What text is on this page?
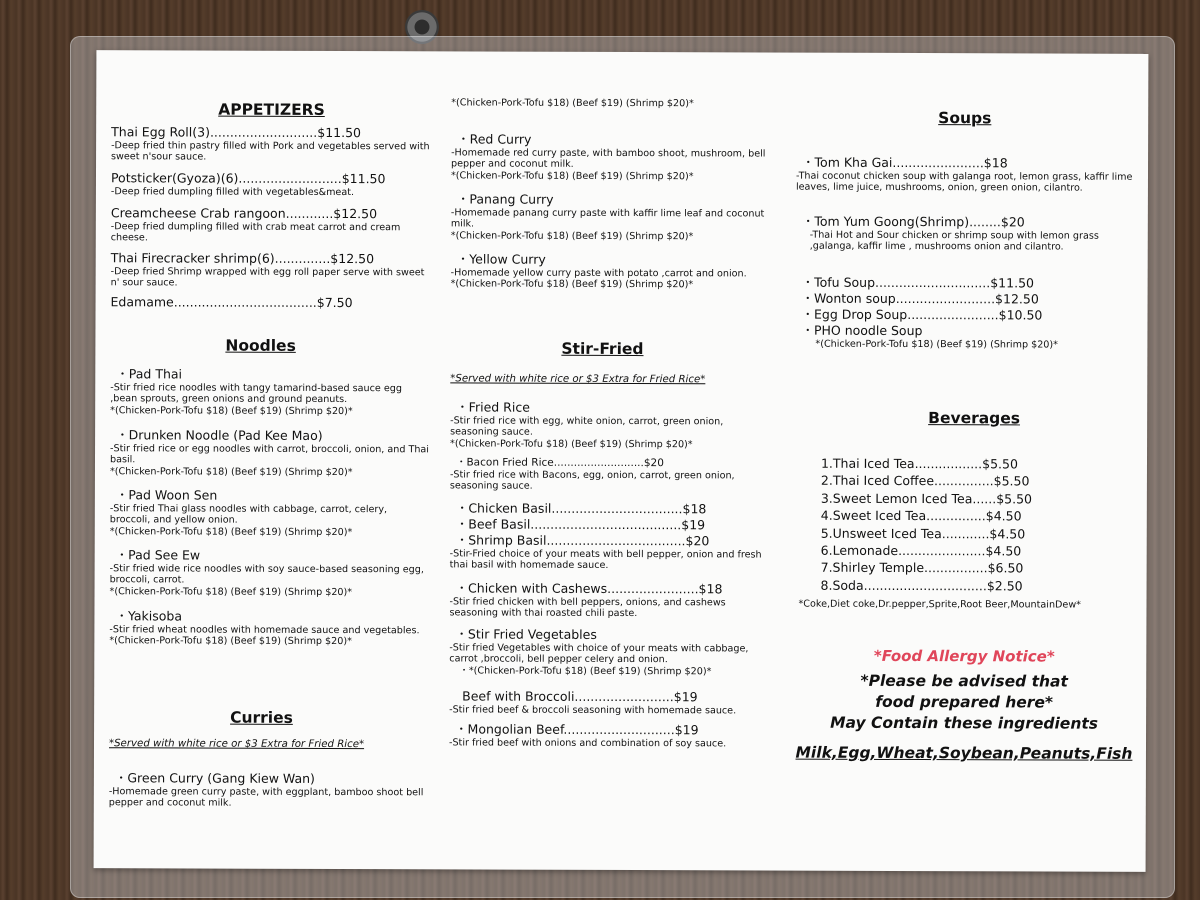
APPETIZERS
Thai Egg Roll(3)...........................$11.50
-Deep fried thin pastry filled with Pork and vegetables served with sweet n'sour sauce.
Potsticker(Gyoza)(6)..........................$11.50
-Deep fried dumpling filled with vegetables&meat.
Creamcheese Crab rangoon............$12.50
-Deep fried dumpling filled with crab meat carrot and cream cheese.
Thai Firecracker shrimp(6)..............$12.50
-Deep fried Shrimp wrapped with egg roll paper serve with sweet n' sour sauce.
Edamame....................................$7.50
Noodles
・Pad Thai
-Stir fried rice noodles with tangy tamarind-based sauce egg ,bean sprouts, green onions and ground peanuts.
*(Chicken-Pork-Tofu $18) (Beef $19) (Shrimp $20)*
・Drunken Noodle (Pad Kee Mao)
-Stir fried rice or egg noodles with carrot, broccoli, onion, and Thai basil.
*(Chicken-Pork-Tofu $18) (Beef $19) (Shrimp $20)*
・Pad Woon Sen
-Stir fried Thai glass noodles with cabbage, carrot, celery, broccoli, and yellow onion.
*(Chicken-Pork-Tofu $18) (Beef $19) (Shrimp $20)*
・Pad See Ew
-Stir fried wide rice noodles with soy sauce-based seasoning egg, broccoli, carrot.
*(Chicken-Pork-Tofu $18) (Beef $19) (Shrimp $20)*
・Yakisoba
-Stir fried wheat noodles with homemade sauce and vegetables.
*(Chicken-Pork-Tofu $18) (Beef $19) (Shrimp $20)*
Curries
*Served with white rice or $3 Extra for Fried Rice*
・Green Curry (Gang Kiew Wan)
-Homemade green curry paste, with eggplant, bamboo shoot bell pepper and coconut milk.
*(Chicken-Pork-Tofu $18) (Beef $19) (Shrimp $20)*
・Red Curry
-Homemade red curry paste, with bamboo shoot, mushroom, bell pepper and coconut milk.
*(Chicken-Pork-Tofu $18) (Beef $19) (Shrimp $20)*
・Panang Curry
-Homemade panang curry paste with kaffir lime leaf and coconut milk.
*(Chicken-Pork-Tofu $18) (Beef $19) (Shrimp $20)*
・Yellow Curry
-Homemade yellow curry paste with potato ,carrot and onion.
*(Chicken-Pork-Tofu $18) (Beef $19) (Shrimp $20)*
Stir-Fried
*Served with white rice or $3 Extra for Fried Rice*
・Fried Rice
-Stir fried rice with egg, white onion, carrot, green onion, seasoning sauce.
*(Chicken-Pork-Tofu $18) (Beef $19) (Shrimp $20)*
・Bacon Fried Rice...........................$20
-Stir fried rice with Bacons, egg, onion, carrot, green onion, seasoning sauce.
・Chicken Basil.................................$18
・Beef Basil......................................$19
・Shrimp Basil...................................$20
-Stir-Fried choice of your meats with bell pepper, onion and fresh thai basil with homemade sauce.
・Chicken with Cashews.......................$18
-Stir fried chicken with bell peppers, onions, and cashews seasoning with thai roasted chili paste.
・Stir Fried Vegetables
-Stir fried Vegetables with choice of your meats with cabbage, carrot ,broccoli, bell pepper celery and onion.
・*(Chicken-Pork-Tofu $18) (Beef $19) (Shrimp $20)*
Beef with Broccoli.........................$19
-Stir fried beef & broccoli seasoning with homemade sauce.
・Mongolian Beef............................$19
-Stir fried beef with onions and combination of soy sauce.
Soups
・Tom Kha Gai.......................$18
-Thai coconut chicken soup with galanga root, lemon grass, kaffir lime leaves, lime juice, mushrooms, onion, green onion, cilantro.
・Tom Yum Goong(Shrimp)........$20
-Thai Hot and Sour chicken or shrimp soup with lemon grass ,galanga, kaffir lime , mushrooms onion and cilantro.
・Tofu Soup.............................$11.50
・Wonton soup.........................$12.50
・Egg Drop Soup.......................$10.50
・PHO noodle Soup
*(Chicken-Pork-Tofu $18) (Beef $19) (Shrimp $20)*
Beverages
1.Thai Iced Tea.................$5.50
2.Thai Iced Coffee...............$5.50
3.Sweet Lemon Iced Tea......$5.50
4.Sweet Iced Tea...............$4.50
5.Unsweet Iced Tea............$4.50
6.Lemonade......................$4.50
7.Shirley Temple................$6.50
8.Soda...............................$2.50
*Coke,Diet coke,Dr.pepper,Sprite,Root Beer,MountainDew*
*Food Allergy Notice*
*Please be advised that
food prepared here*
May Contain these ingredients
Milk,Egg,Wheat,Soybean,Peanuts,Fish
